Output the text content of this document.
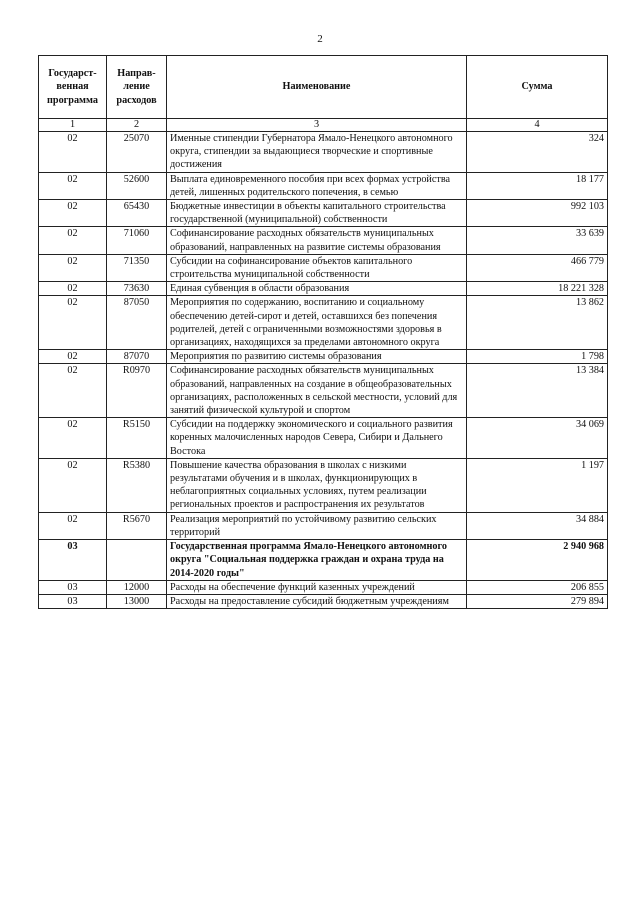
2
Государст-венная программа	Направ-ление расходов	Наименование	Сумма
1	2	3	4
02	25070	Именные стипендии Губернатора Ямало-Ненецкого автономного округа, стипендии за выдающиеся творческие и спортивные достижения	324
02	52600	Выплата единовременного пособия при всех формах устройства детей, лишенных родительского попечения, в семью	18 177
02	65430	Бюджетные инвестиции в объекты капитального строительства государственной (муниципальной) собственности	992 103
02	71060	Софинансирование расходных обязательств муниципальных образований, направленных на развитие системы образования	33 639
02	71350	Субсидии на софинансирование объектов капитального строительства муниципальной собственности	466 779
02	73630	Единая субвенция в области образования	18 221 328
02	87050	Мероприятия по содержанию, воспитанию и социальному обеспечению детей-сирот и детей, оставшихся без попечения родителей, детей с ограниченными возможностями здоровья в организациях, находящихся за пределами автономного округа	13 862
02	87070	Мероприятия по развитию системы образования	1 798
02	R0970	Софинансирование расходных обязательств муниципальных образований, направленных на создание в общеобразовательных организациях, расположенных в сельской местности, условий для занятий физической культурой и спортом	13 384
02	R5150	Субсидии на поддержку экономического и социального развития коренных малочисленных народов Севера, Сибири и Дальнего Востока	34 069
02	R5380	Повышение качества образования в школах с низкими результатами обучения и в школах, функционирующих в неблагоприятных социальных условиях, путем реализации региональных проектов и распространения их результатов	1 197
02	R5670	Реализация мероприятий по устойчивому развитию сельских территорий	34 884
03		Государственная программа Ямало-Ненецкого автономного округа "Социальная поддержка граждан и охрана труда на 2014-2020 годы"	2 940 968
03	12000	Расходы на обеспечение функций казенных учреждений	206 855
03	13000	Расходы на предоставление субсидий бюджетным учреждениям	279 894
